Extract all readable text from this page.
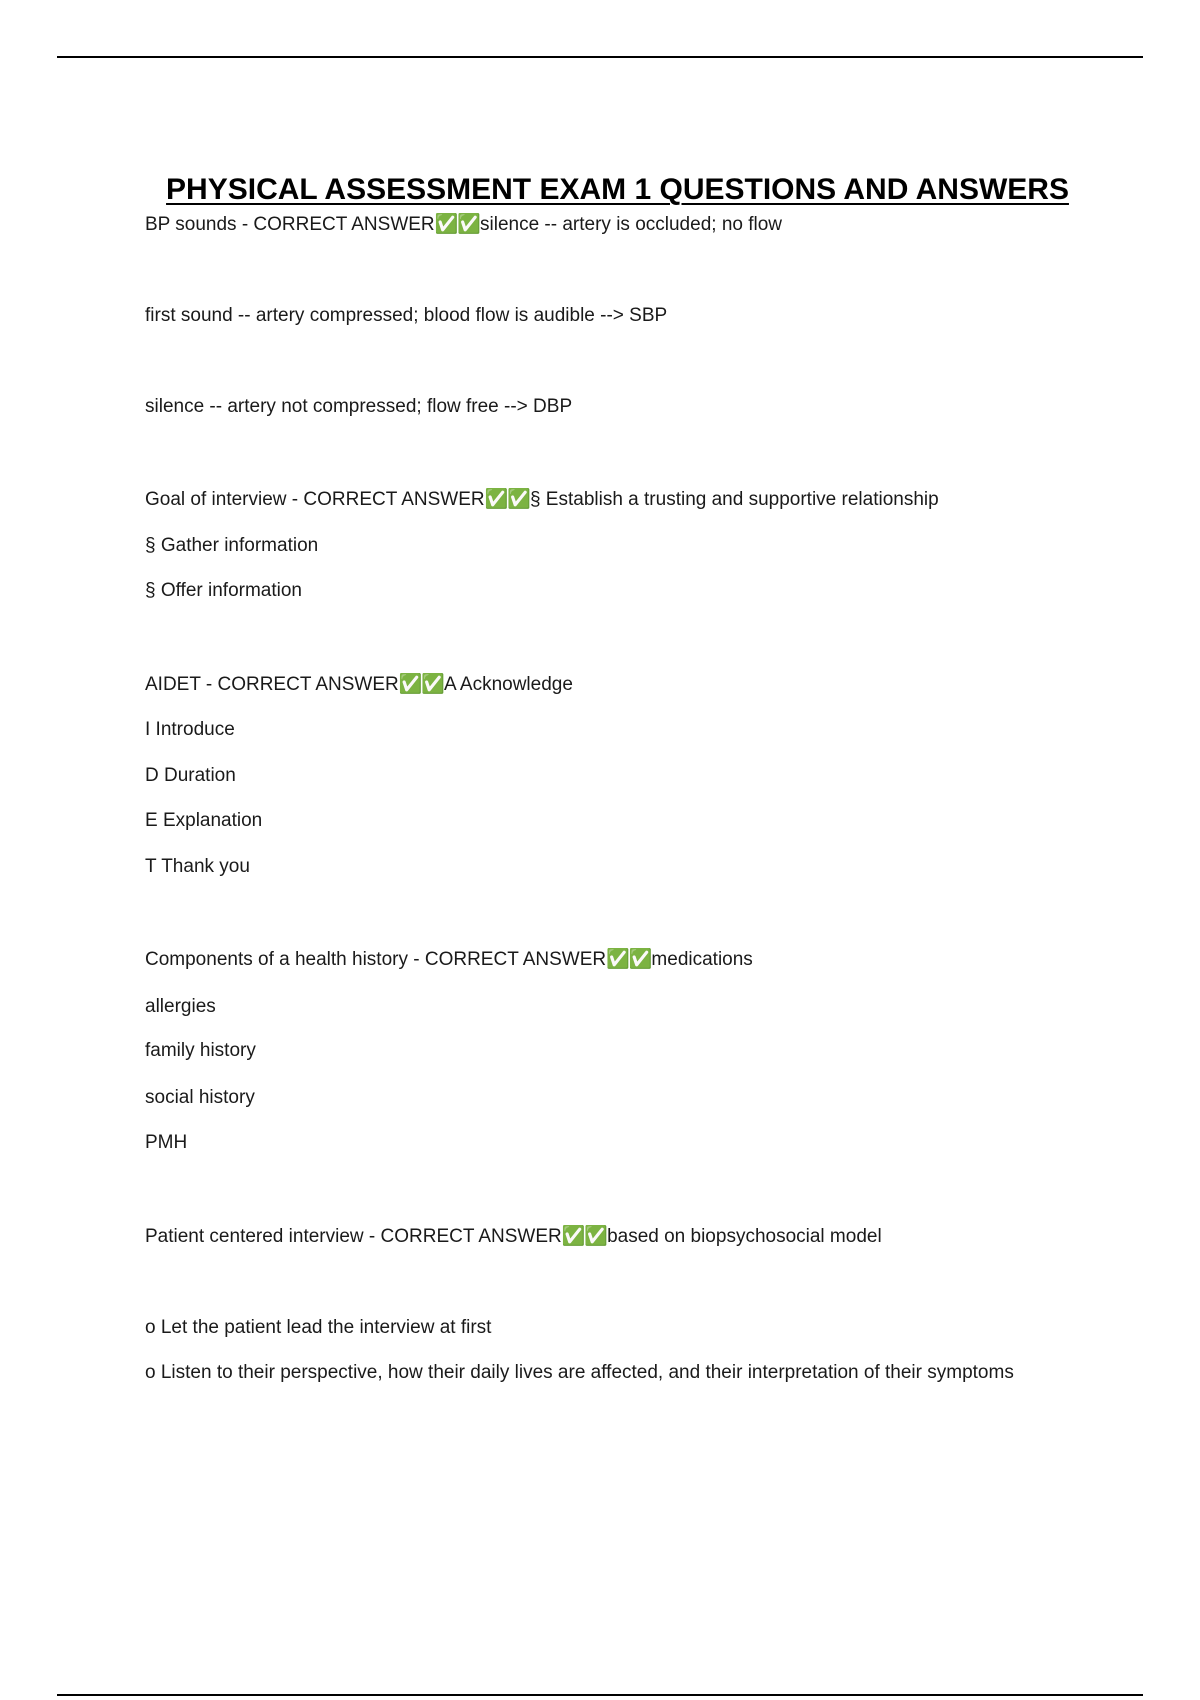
PHYSICAL ASSESSMENT EXAM 1 QUESTIONS AND ANSWERS
BP sounds - CORRECT ANSWER✅✅silence -- artery is occluded; no flow
first sound -- artery compressed; blood flow is audible --> SBP
silence -- artery not compressed; flow free --> DBP
Goal of interview - CORRECT ANSWER✅✅§ Establish a trusting and supportive relationship
§ Gather information
§ Offer information
AIDET - CORRECT ANSWER✅✅A Acknowledge
I Introduce
D Duration
E Explanation
T Thank you
Components of a health history - CORRECT ANSWER✅✅medications
allergies
family history
social history
PMH
Patient centered interview - CORRECT ANSWER✅✅based on biopsychosocial model
o Let the patient lead the interview at first
o Listen to their perspective, how their daily lives are affected, and their interpretation of their symptoms
